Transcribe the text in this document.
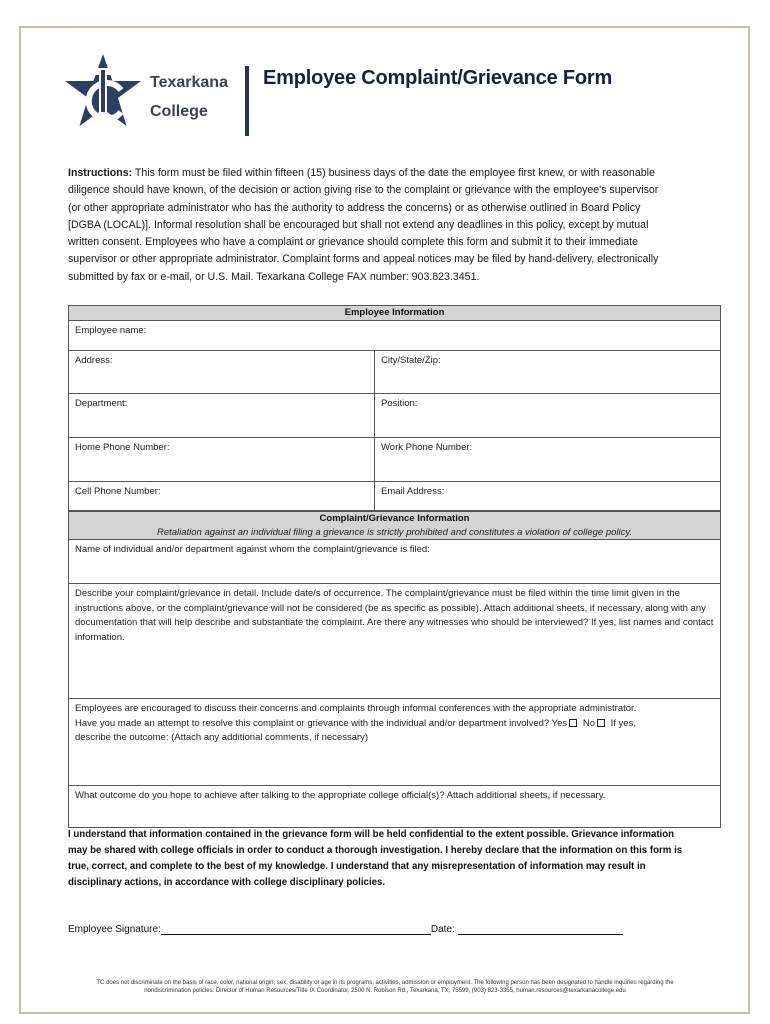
Texarkana
College
Employee Complaint/Grievance Form
Instructions: This form must be filed within fifteen (15) business days of the date the employee first knew, or with reasonable diligence should have known, of the decision or action giving rise to the complaint or grievance with the employee's supervisor (or other appropriate administrator who has the authority to address the concerns) or as otherwise outlined in Board Policy [DGBA (LOCAL)]. Informal resolution shall be encouraged but shall not extend any deadlines in this policy, except by mutual written consent. Employees who have a complaint or grievance should complete this form and submit it to their immediate supervisor or other appropriate administrator. Complaint forms and appeal notices may be filed by hand-delivery, electronically submitted by fax or e-mail, or U.S. Mail. Texarkana College FAX number: 903.823.3451.
Employee Information
Employee name:
Address:	City/State/Zip:
Department:	Position:
Home Phone Number:	Work Phone Number:
Cell Phone Number:	Email Address:
Complaint/Grievance Information
Retaliation against an individual filing a grievance is strictly prohibited and constitutes a violation of college policy.
Name of individual and/or department against whom the complaint/grievance is filed:

Describe your complaint/grievance in detail. Include date/s of occurrence. The complaint/grievance must be filed within the time limit given in the instructions above, or the complaint/grievance will not be considered (be as specific as possible). Attach additional sheets, if necessary, along with any documentation that will help describe and substantiate the complaint. Are there any witnesses who should be interviewed? If yes, list names and contact information.

Employees are encouraged to discuss their concerns and complaints through informal conferences with the appropriate administrator.

Have you made an attempt to resolve this complaint or grievance with the individual and/or department involved? Yes No If yes,

describe the outcome: (Attach any additional comments, if necessary)

What outcome do you hope to achieve after talking to the appropriate college official(s)? Attach additional sheets, if necessary.
I understand that information contained in the grievance form will be held confidential to the extent possible. Grievance information may be shared with college officials in order to conduct a thorough investigation. I hereby declare that the information on this form is true, correct, and complete to the best of my knowledge. I understand that any misrepresentation of information may result in disciplinary actions, in accordance with college disciplinary policies.
Employee Signature:	Date:
TC does not discriminate on the basis of race, color, national origin, sex, disability or age in its programs, activities, admission or employment. The following person has been designated to handle inquiries regarding the
nondiscrimination policies: Director of Human Resources/Title IX Coordinator, 2500 N. Robison Rd., Texarkana, TX, 75599, (903) 823-3355, human.resources@texarkanacollege.edu
